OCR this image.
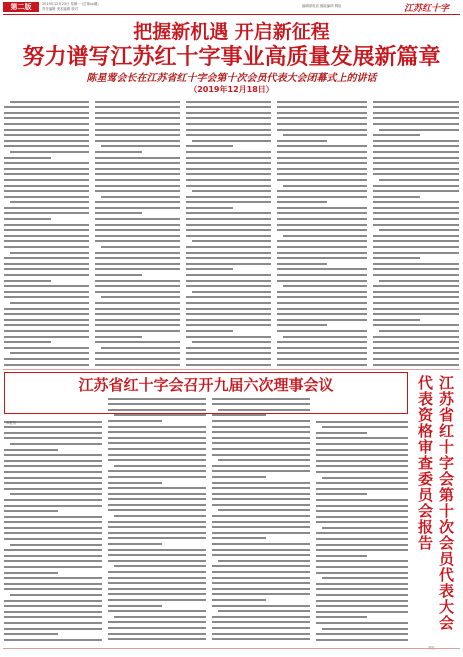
第二版	2019年12月23日 星期一 (总第xx期)
责任编辑 美术编辑 校对
编辑部电话 邮政编码 网址	江苏红十字
把握新机遇 开启新征程
努力谱写江苏红十字事业高质量发展新篇章
陈星莺会长在江苏省红十字会第十次会员代表大会闭幕式上的讲话
（2019年12月18日）
江苏省红十字会召开九届六次理事会议	江苏省红十字会第十次会员代表大会代表资格审查委员会报告
本报讯
